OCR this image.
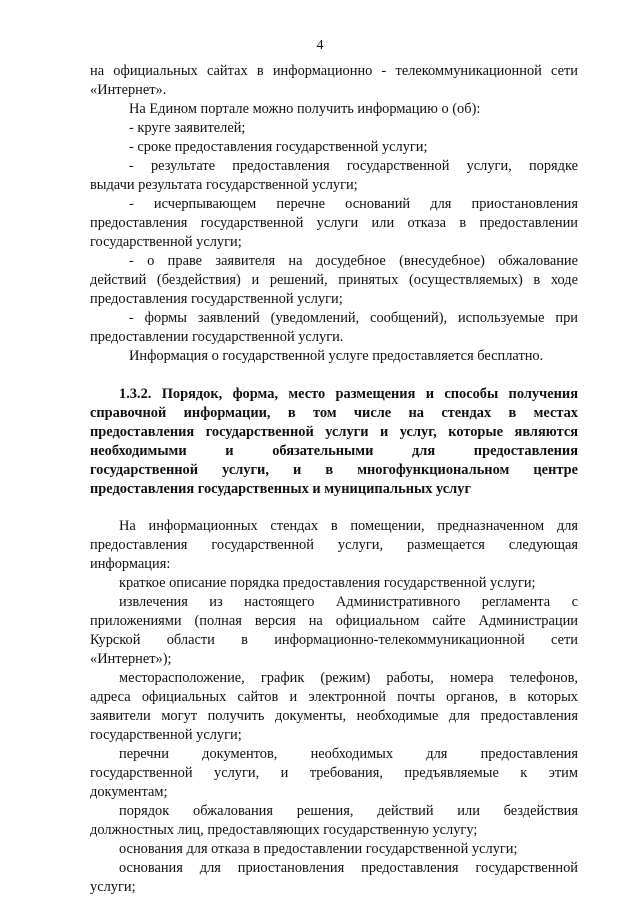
4
на официальных сайтах в информационно - телекоммуникационной сети
«Интернет».
На Едином портале можно получить информацию о (об):
- круге заявителей;
- сроке предоставления государственной услуги;
- результате предоставления государственной услуги, порядке
выдачи результата государственной услуги;
- исчерпывающем перечне оснований для приостановления
предоставления государственной услуги или отказа в предоставлении
государственной услуги;
- о праве заявителя на досудебное (внесудебное) обжалование
действий (бездействия) и решений, принятых (осуществляемых) в ходе
предоставления государственной услуги;
- формы заявлений (уведомлений, сообщений), используемые при
предоставлении государственной услуги.
Информация о государственной услуге предоставляется бесплатно.
1.3.2. Порядок, форма, место размещения и способы получения
справочной информации, в том числе на стендах в местах
предоставления государственной услуги и услуг, которые являются
необходимыми и обязательными для предоставления
государственной услуги, и в многофункциональном центре
предоставления государственных и муниципальных услуг
На информационных стендах в помещении, предназначенном для
предоставления государственной услуги, размещается следующая
информация:
краткое описание порядка предоставления государственной услуги;
извлечения из настоящего Административного регламента с
приложениями (полная версия на официальном сайте Администрации
Курской области в информационно-телекоммуникационной сети
«Интернет»);
месторасположение, график (режим) работы, номера телефонов,
адреса официальных сайтов и электронной почты органов, в которых
заявители могут получить документы, необходимые для предоставления
государственной услуги;
перечни документов, необходимых для предоставления
государственной услуги, и требования, предъявляемые к этим
документам;
порядок обжалования решения, действий или бездействия
должностных лиц, предоставляющих государственную услугу;
основания для отказа в предоставлении государственной услуги;
основания для приостановления предоставления государственной
услуги;
